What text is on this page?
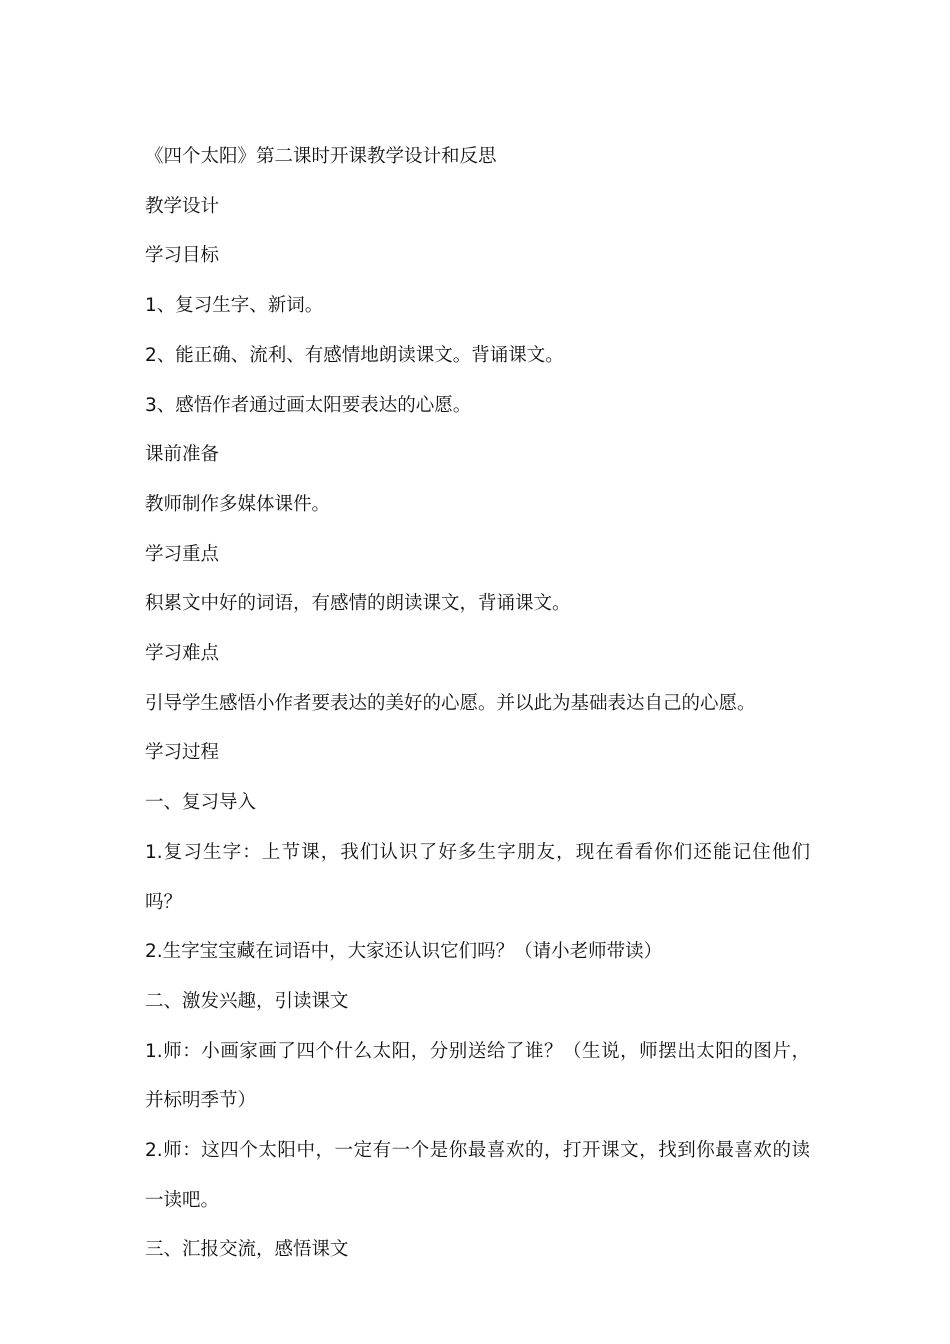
《四个太阳》第二课时开课教学设计和反思

教学设计

学习目标

1、复习生字、新词。

2、能正确、流利、有感情地朗读课文。背诵课文。

3、感悟作者通过画太阳要表达的心愿。

课前准备

教师制作多媒体课件。

学习重点

积累文中好的词语，有感情的朗读课文，背诵课文。

学习难点

引导学生感悟小作者要表达的美好的心愿。并以此为基础表达自己的心愿。

学习过程

一、复习导入

1.复习生字：上节课，我们认识了好多生字朋友，现在看看你们还能记住他们吗？

2.生字宝宝藏在词语中，大家还认识它们吗？（请小老师带读）

二、激发兴趣，引读课文

1.师：小画家画了四个什么太阳，分别送给了谁？（生说，师摆出太阳的图片，并标明季节）

2.师：这四个太阳中，一定有一个是你最喜欢的，打开课文，找到你最喜欢的读一读吧。

三、汇报交流，感悟课文
